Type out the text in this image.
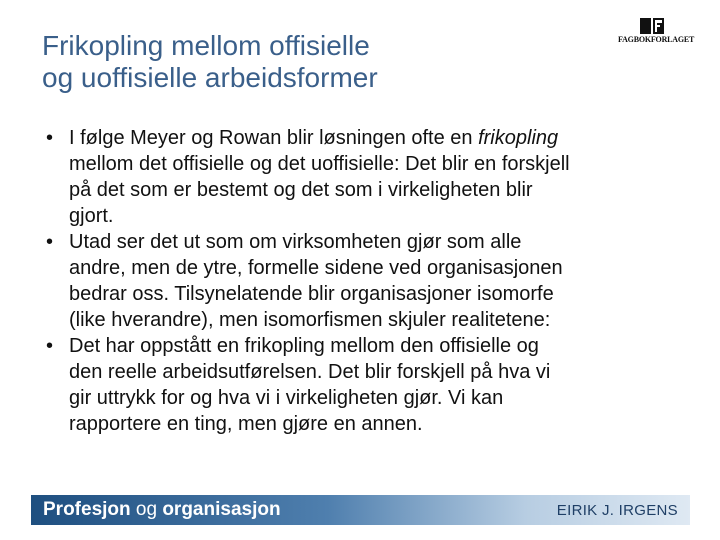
Frikopling mellom offisielle
og uoffisielle arbeidsformer
FAGBOKFORLAGET
• I følge Meyer og Rowan blir løsningen ofte en frikopling
mellom det offisielle og det uoffisielle: Det blir en forskjell
på det som er bestemt og det som i virkeligheten blir
gjort.
• Utad ser det ut som om virksomheten gjør som alle
andre, men de ytre, formelle sidene ved organisasjonen
bedrar oss. Tilsynelatende blir organisasjoner isomorfe
(like hverandre), men isomorfismen skjuler realitetene:
• Det har oppstått en frikopling mellom den offisielle og
den reelle arbeidsutførelsen. Det blir forskjell på hva vi
gir uttrykk for og hva vi i virkeligheten gjør. Vi kan
rapportere en ting, men gjøre en annen.
Profesjon og organisasjon	EIRIK J. IRGENS
